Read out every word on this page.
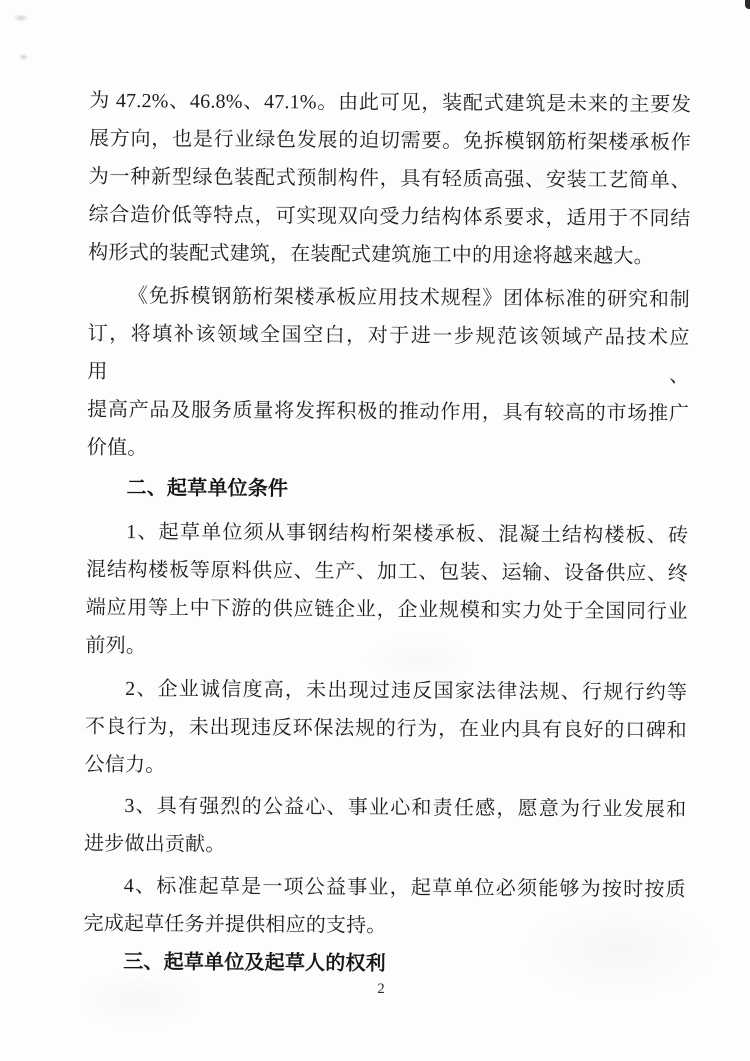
为 47.2%、46.8%、47.1%。由此可见，装配式建筑是未来的主要发
展方向，也是行业绿色发展的迫切需要。免拆模钢筋桁架楼承板作
为一种新型绿色装配式预制构件，具有轻质高强、安装工艺简单、
综合造价低等特点，可实现双向受力结构体系要求，适用于不同结
构形式的装配式建筑，在装配式建筑施工中的用途将越来越大。
《免拆模钢筋桁架楼承板应用技术规程》团体标准的研究和制
订，将填补该领域全国空白，对于进一步规范该领域产品技术应用、
提高产品及服务质量将发挥积极的推动作用，具有较高的市场推广
价值。
二、起草单位条件
1、起草单位须从事钢结构桁架楼承板、混凝土结构楼板、砖
混结构楼板等原料供应、生产、加工、包装、运输、设备供应、终
端应用等上中下游的供应链企业，企业规模和实力处于全国同行业
前列。
2、企业诚信度高，未出现过违反国家法律法规、行规行约等
不良行为，未出现违反环保法规的行为，在业内具有良好的口碑和
公信力。
3、具有强烈的公益心、事业心和责任感，愿意为行业发展和
进步做出贡献。
4、标准起草是一项公益事业，起草单位必须能够为按时按质
完成起草任务并提供相应的支持。
三、起草单位及起草人的权利
2
